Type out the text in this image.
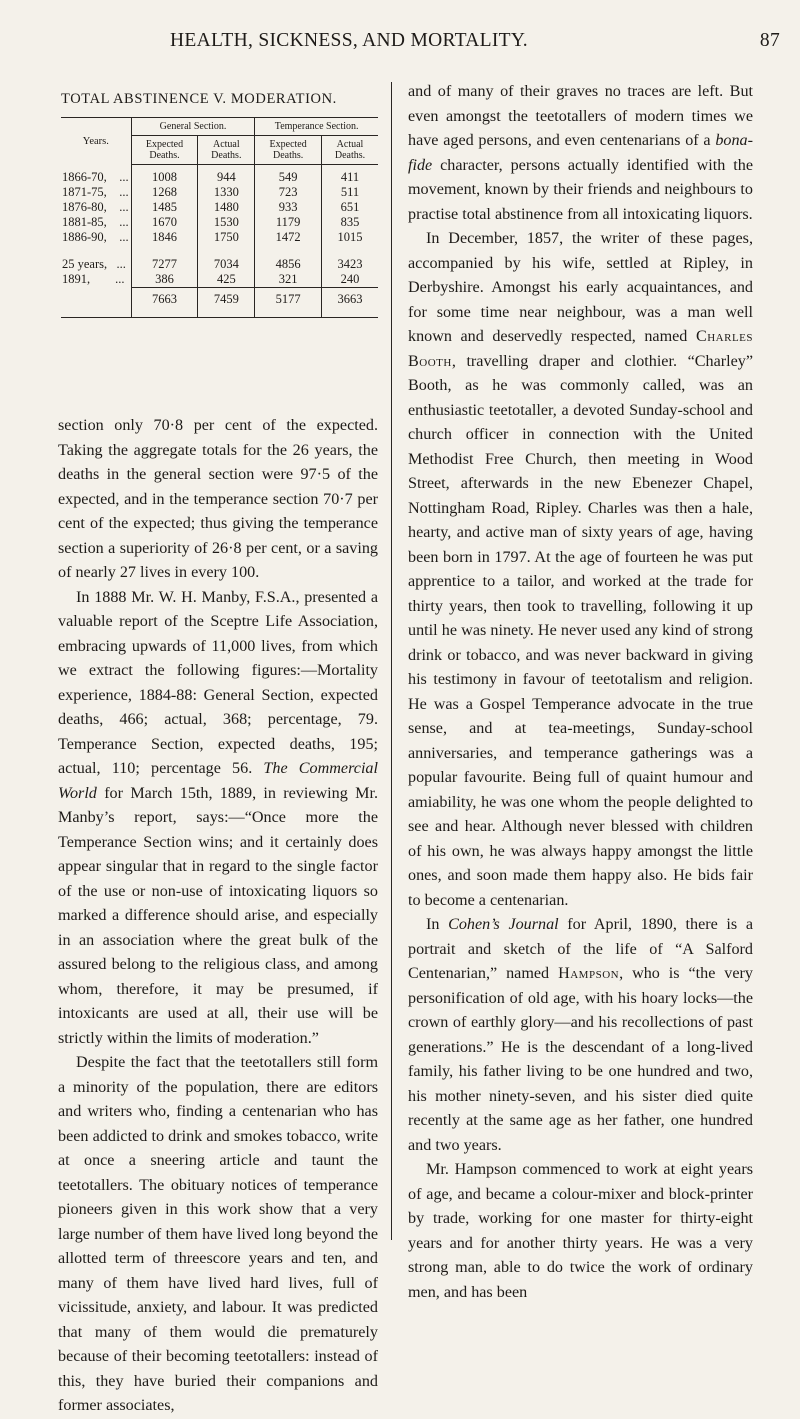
HEALTH, SICKNESS, AND MORTALITY.	87
TOTAL ABSTINENCE V. MODERATION.
Years.	General Section.		Temperance Section.	
	Expected Deaths.	Actual Deaths.	Expected Deaths.	Actual Deaths.
1866-70,    ...	1008	944	549	411
1871-75,    ...	1268	1330	723	511
1876-80,    ...	1485	1480	933	651
1881-85,    ...	1670	1530	1179	835
1886-90,    ...	1846	1750	1472	1015

25 years,   ...	7277	7034	4856	3423
1891,        ...	386	425	321	240
	7663	7459	5177	3663

section only 70·8 per cent of the expected. Taking the aggregate totals for the 26 years, the deaths in the general section were 97·5 of the expected, and in the temperance section 70·7 per cent of the expected; thus giving the temperance section a superiority of 26·8 per cent, or a saving of nearly 27 lives in every 100.

In 1888 Mr. W. H. Manby, F.S.A., presented a valuable report of the Sceptre Life Association, embracing upwards of 11,000 lives, from which we extract the following figures:—Mortality experience, 1884-88: General Section, expected deaths, 466; actual, 368; percentage, 79. Temperance Section, expected deaths, 195; actual, 110; percentage 56. The Commercial World for March 15th, 1889, in reviewing Mr. Manby’s report, says:—“Once more the Temperance Section wins; and it certainly does appear singular that in regard to the single factor of the use or non-use of intoxicating liquors so marked a difference should arise, and especially in an association where the great bulk of the assured belong to the religious class, and among whom, therefore, it may be presumed, if intoxicants are used at all, their use will be strictly within the limits of moderation.”

Despite the fact that the teetotallers still form a minority of the population, there are editors and writers who, finding a centenarian who has been addicted to drink and smokes tobacco, write at once a sneering article and taunt the teetotallers. The obituary notices of temperance pioneers given in this work show that a very large number of them have lived long beyond the allotted term of threescore years and ten, and many of them have lived hard lives, full of vicissitude, anxiety, and labour. It was predicted that many of them would die prematurely because of their becoming teetotallers: instead of this, they have buried their companions and former associates,

and of many of their graves no traces are left. But even amongst the teetotallers of modern times we have aged persons, and even centenarians of a bona-fide character, persons actually identified with the movement, known by their friends and neighbours to practise total abstinence from all intoxicating liquors.

In December, 1857, the writer of these pages, accompanied by his wife, settled at Ripley, in Derbyshire. Amongst his early acquaintances, and for some time near neighbour, was a man well known and deservedly respected, named Charles Booth, travelling draper and clothier. “Charley” Booth, as he was commonly called, was an enthusiastic teetotaller, a devoted Sunday-school and church officer in connection with the United Methodist Free Church, then meeting in Wood Street, afterwards in the new Ebenezer Chapel, Nottingham Road, Ripley. Charles was then a hale, hearty, and active man of sixty years of age, having been born in 1797. At the age of fourteen he was put apprentice to a tailor, and worked at the trade for thirty years, then took to travelling, following it up until he was ninety. He never used any kind of strong drink or tobacco, and was never backward in giving his testimony in favour of teetotalism and religion. He was a Gospel Temperance advocate in the true sense, and at tea-meetings, Sunday-school anniversaries, and temperance gatherings was a popular favourite. Being full of quaint humour and amiability, he was one whom the people delighted to see and hear. Although never blessed with children of his own, he was always happy amongst the little ones, and soon made them happy also. He bids fair to become a centenarian.

In Cohen’s Journal for April, 1890, there is a portrait and sketch of the life of “A Salford Centenarian,” named Hampson, who is “the very personification of old age, with his hoary locks—the crown of earthly glory—and his recollections of past generations.” He is the descendant of a long-lived family, his father living to be one hundred and two, his mother ninety-seven, and his sister died quite recently at the same age as her father, one hundred and two years.

Mr. Hampson commenced to work at eight years of age, and became a colour-mixer and block-printer by trade, working for one master for thirty-eight years and for another thirty years. He was a very strong man, able to do twice the work of ordinary men, and has been
